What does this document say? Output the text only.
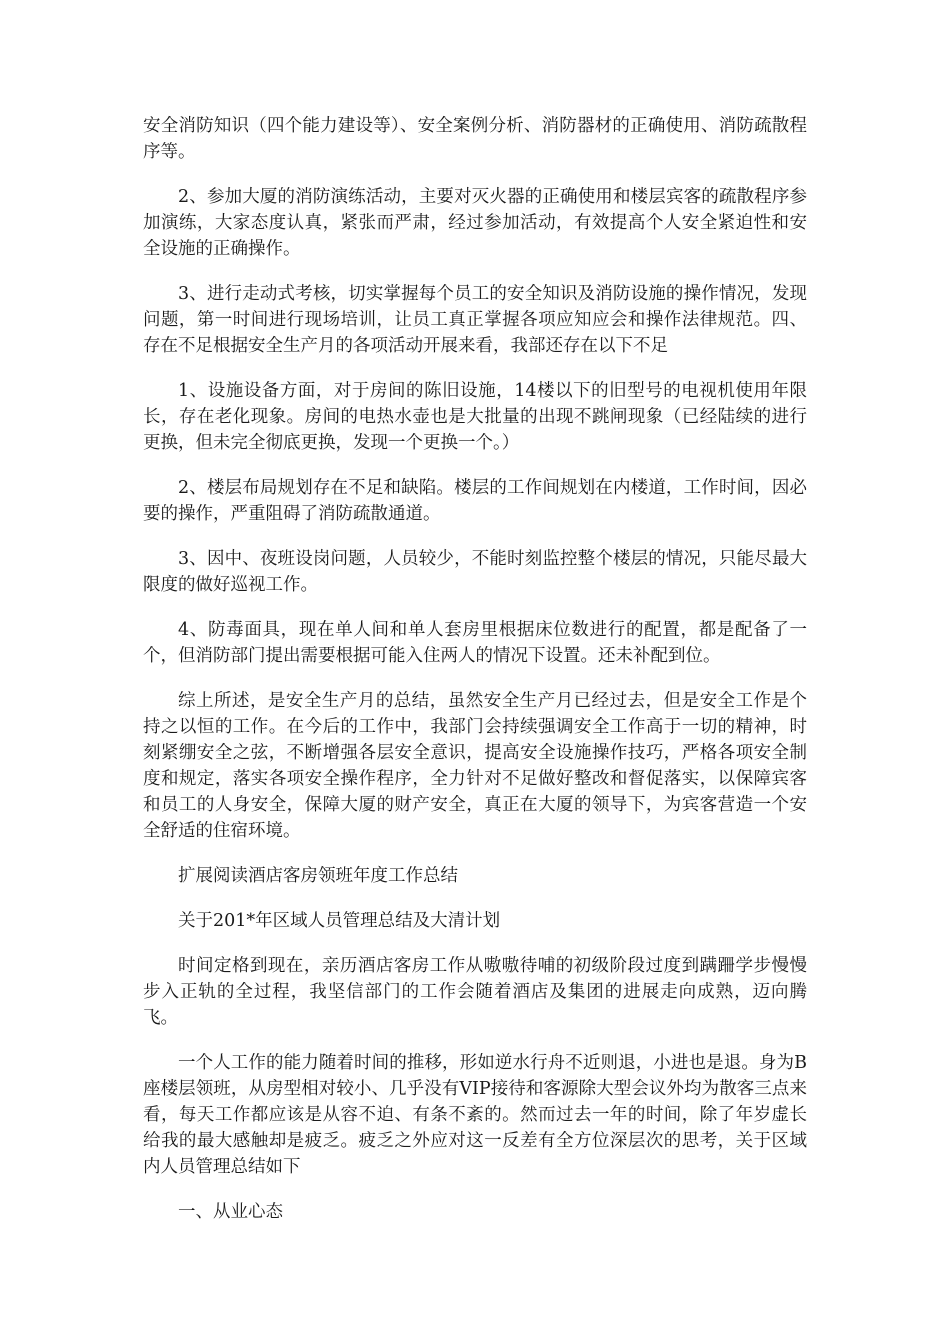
安全消防知识（四个能力建设等）、安全案例分析、消防器材的正确使用、消防疏散程序等。

2、参加大厦的消防演练活动，主要对灭火器的正确使用和楼层宾客的疏散程序参加演练，大家态度认真，紧张而严肃，经过参加活动，有效提高个人安全紧迫性和安全设施的正确操作。

3、进行走动式考核，切实掌握每个员工的安全知识及消防设施的操作情况，发现问题，第一时间进行现场培训，让员工真正掌握各项应知应会和操作法律规范。四、存在不足根据安全生产月的各项活动开展来看，我部还存在以下不足

1、设施设备方面，对于房间的陈旧设施，14楼以下的旧型号的电视机使用年限长，存在老化现象。房间的电热水壶也是大批量的出现不跳闸现象（已经陆续的进行更换，但未完全彻底更换，发现一个更换一个。）

2、楼层布局规划存在不足和缺陷。楼层的工作间规划在内楼道，工作时间，因必要的操作，严重阻碍了消防疏散通道。

3、因中、夜班设岗问题，人员较少，不能时刻监控整个楼层的情况，只能尽最大限度的做好巡视工作。

4、防毒面具，现在单人间和单人套房里根据床位数进行的配置，都是配备了一个，但消防部门提出需要根据可能入住两人的情况下设置。还未补配到位。

综上所述，是安全生产月的总结，虽然安全生产月已经过去，但是安全工作是个持之以恒的工作。在今后的工作中，我部门会持续强调安全工作高于一切的精神，时刻紧绷安全之弦，不断增强各层安全意识，提高安全设施操作技巧，严格各项安全制度和规定，落实各项安全操作程序，全力针对不足做好整改和督促落实，以保障宾客和员工的人身安全，保障大厦的财产安全，真正在大厦的领导下，为宾客营造一个安全舒适的住宿环境。

扩展阅读酒店客房领班年度工作总结

关于201*年区域人员管理总结及大清计划

时间定格到现在，亲历酒店客房工作从嗷嗷待哺的初级阶段过度到蹒跚学步慢慢步入正轨的全过程，我坚信部门的工作会随着酒店及集团的进展走向成熟，迈向腾飞。

一个人工作的能力随着时间的推移，形如逆水行舟不近则退，小进也是退。身为B座楼层领班，从房型相对较小、几乎没有VIP接待和客源除大型会议外均为散客三点来看，每天工作都应该是从容不迫、有条不紊的。然而过去一年的时间，除了年岁虚长给我的最大感触却是疲乏。疲乏之外应对这一反差有全方位深层次的思考，关于区域内人员管理总结如下

一、从业心态
